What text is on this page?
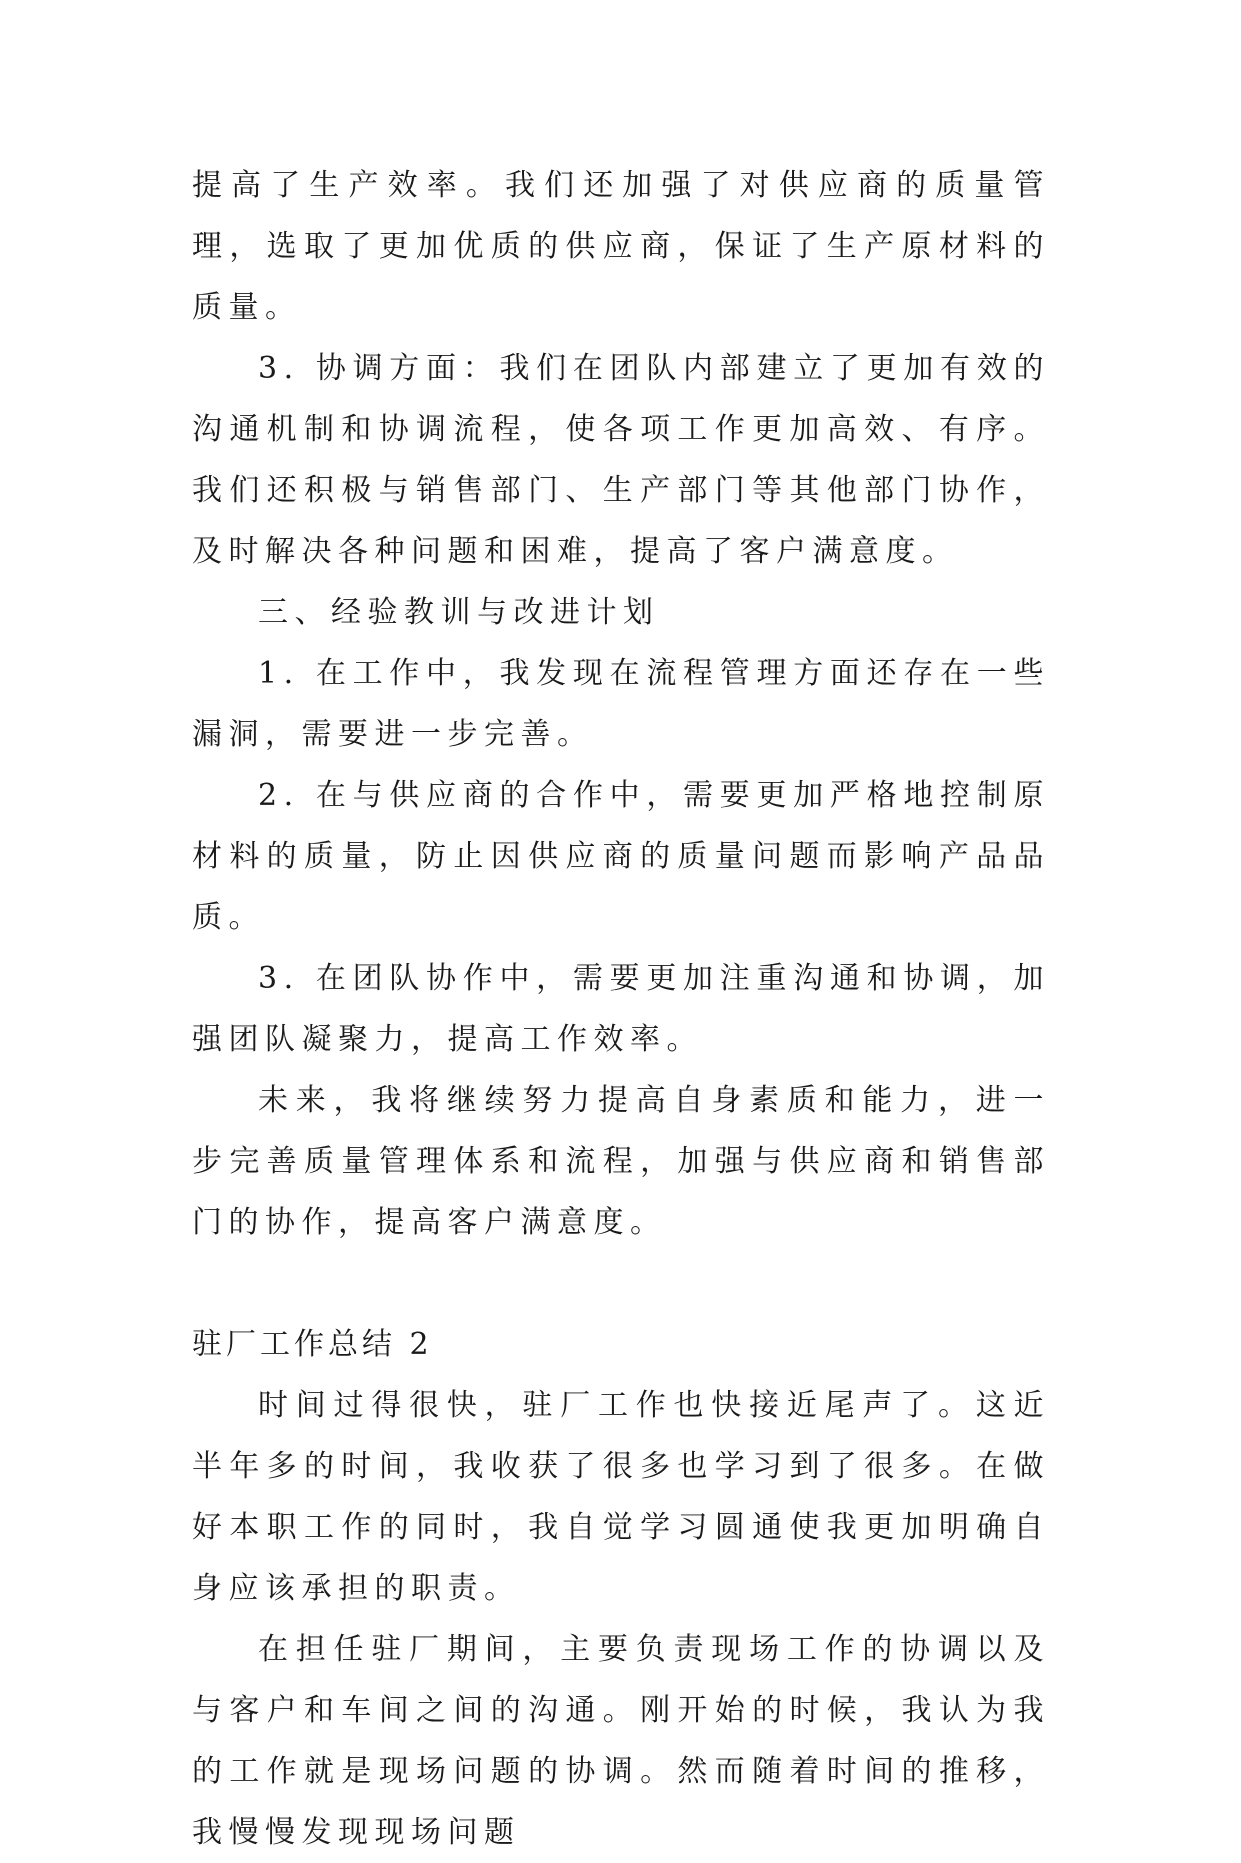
提高了生产效率。我们还加强了对供应商的质量管理，选取了更加优质的供应商，保证了生产原材料的质量。

3. 协调方面：我们在团队内部建立了更加有效的沟通机制和协调流程，使各项工作更加高效、有序。我们还积极与销售部门、生产部门等其他部门协作，及时解决各种问题和困难，提高了客户满意度。

三、经验教训与改进计划

1. 在工作中，我发现在流程管理方面还存在一些漏洞，需要进一步完善。

2. 在与供应商的合作中，需要更加严格地控制原材料的质量，防止因供应商的质量问题而影响产品品质。

3. 在团队协作中，需要更加注重沟通和协调，加强团队凝聚力，提高工作效率。

未来，我将继续努力提高自身素质和能力，进一步完善质量管理体系和流程，加强与供应商和销售部门的协作，提高客户满意度。

驻厂工作总结 2

时间过得很快，驻厂工作也快接近尾声了。这近半年多的时间，我收获了很多也学习到了很多。在做好本职工作的同时，我自觉学习圆通使我更加明确自身应该承担的职责。

在担任驻厂期间，主要负责现场工作的协调以及与客户和车间之间的沟通。刚开始的时候，我认为我的工作就是现场问题的协调。然而随着时间的推移，我慢慢发现现场问题
